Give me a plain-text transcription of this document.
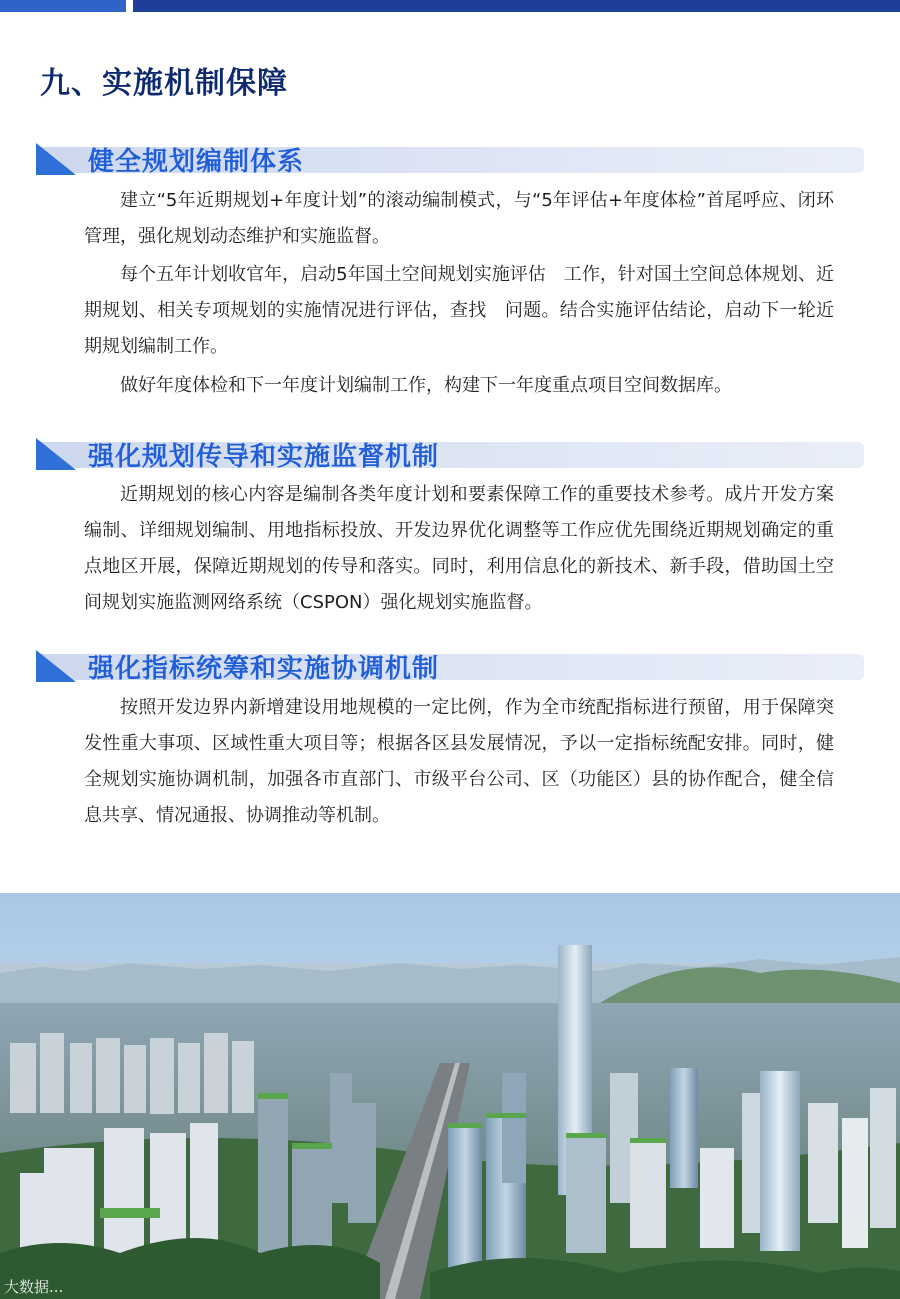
九、实施机制保障
健全规划编制体系
建立“5年近期规划+年度计划”的滚动编制模式，与“5年评估+年度体检”首尾呼应、闭环管理，强化规划动态维护和实施监督。
每个五年计划收官年，启动5年国土空间规划实施评估　工作，针对国土空间总体规划、近期规划、相关专项规划的实施情况进行评估，查找　问题。结合实施评估结论，启动下一轮近期规划编制工作。
做好年度体检和下一年度计划编制工作，构建下一年度重点项目空间数据库。
强化规划传导和实施监督机制
近期规划的核心内容是编制各类年度计划和要素保障工作的重要技术参考。成片开发方案编制、详细规划编制、用地指标投放、开发边界优化调整等工作应优先围绕近期规划确定的重点地区开展，保障近期规划的传导和落实。同时，利用信息化的新技术、新手段，借助国土空间规划实施监测网络系统（CSPON）强化规划实施监督。
强化指标统筹和实施协调机制
按照开发边界内新增建设用地规模的一定比例，作为全市统配指标进行预留，用于保障突发性重大事项、区域性重大项目等；根据各区县发展情况，予以一定指标统配安排。同时，健全规划实施协调机制，加强各市直部门、市级平台公司、区（功能区）县的协作配合，健全信息共享、情况通报、协调推动等机制。
大数据...
